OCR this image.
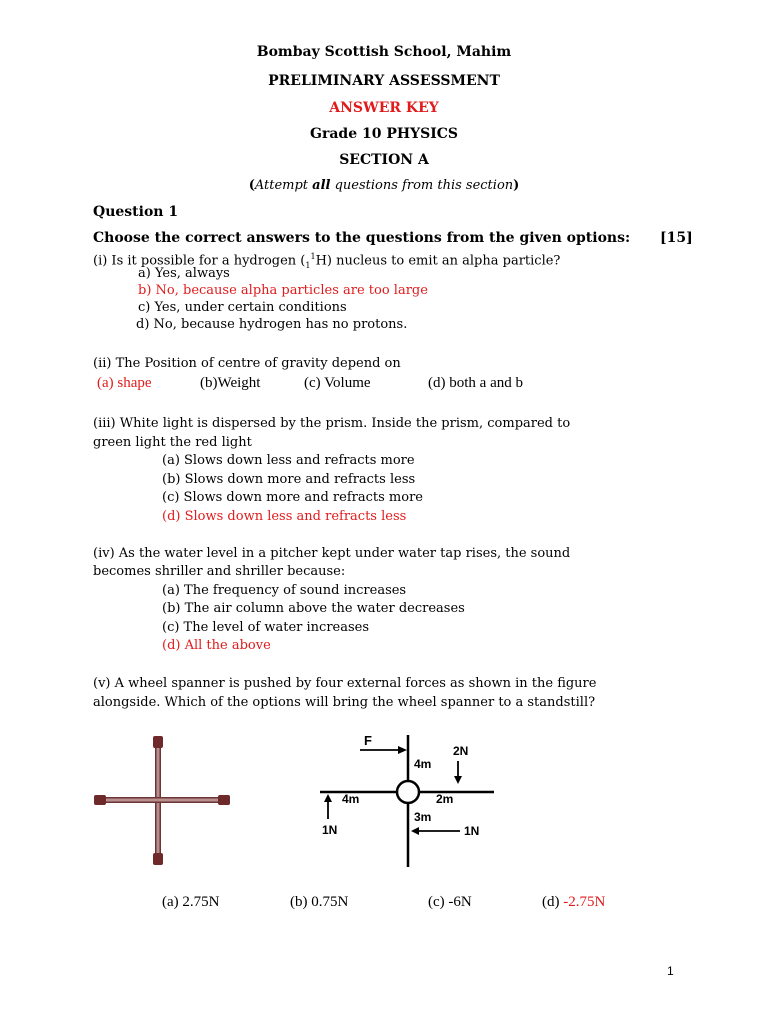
Bombay Scottish School, Mahim
PRELIMINARY ASSESSMENT
ANSWER KEY
Grade 10 PHYSICS
SECTION A
(Attempt all questions from this section)
Question 1
Choose the correct answers to the questions from the given options: [15]
(i) Is it possible for a hydrogen $(_1^1H)$ nucleus to emit an alpha particle?
a) Yes, always
b) No, because alpha particles are too large
c) Yes, under certain conditions
d) No, because hydrogen has no protons.
(ii) The Position of centre of gravity depend on
(a) shape	(b)Weight	(c) Volume	(d) both a and b
(iii) White light is dispersed by the prism. Inside the prism, compared to
green light the red light
(a) Slows down less and refracts more
(b) Slows down more and refracts less
(c) Slows down more and refracts more
(d) Slows down less and refracts less
(iv) As the water level in a pitcher kept under water tap rises, the sound
becomes shriller and shriller because:
(a) The frequency of sound increases
(b) The air column above the water decreases
(c) The level of water increases
(d) All the above
(v) A wheel spanner is pushed by four external forces as shown in the figure
alongside. Which of the options will bring the wheel spanner to a standstill?
F
2N
4m
4m	2m
3m
1N	1N
(a) 2.75N	(b) 0.75N	(c) -6N	(d) -2.75N
1
